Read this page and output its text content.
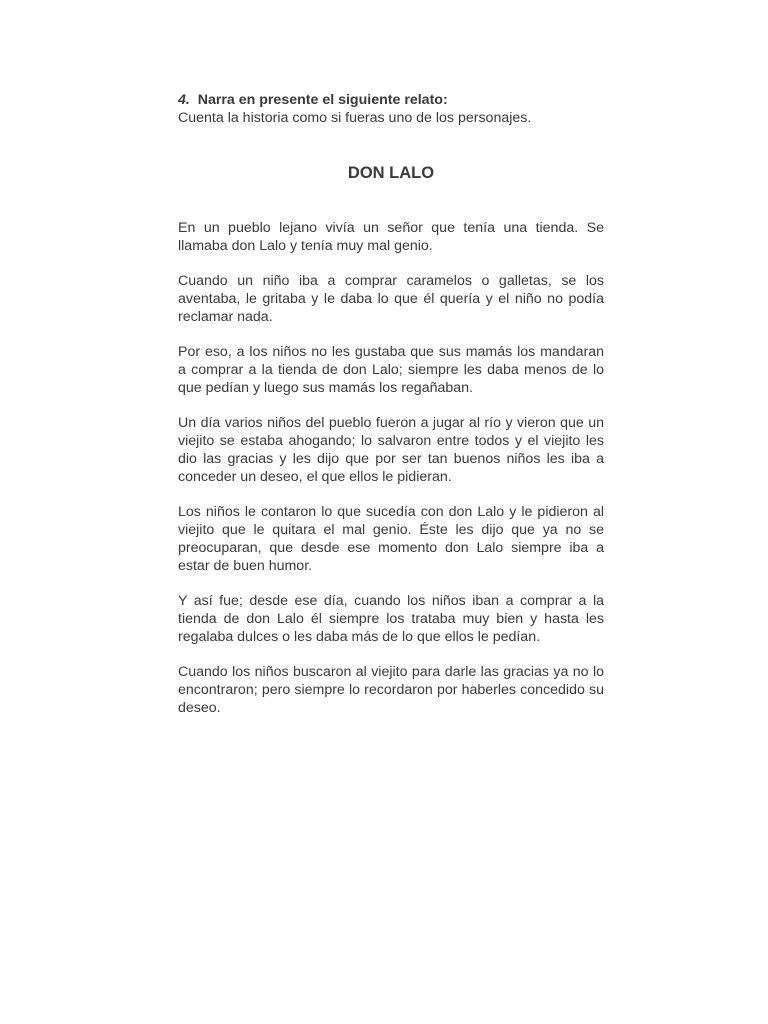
4. Narra en presente el siguiente relato:

Cuenta la historia como si fueras uno de los personajes.

DON LALO

En un pueblo lejano vivía un señor que tenía una tienda. Se llamaba don Lalo y tenía muy mal genio.

Cuando un niño iba a comprar caramelos o galletas, se los aventaba, le gritaba y le daba lo que él quería y el niño no podía reclamar nada.

Por eso, a los niños no les gustaba que sus mamás los mandaran a comprar a la tienda de don Lalo; siempre les daba menos de lo que pedían y luego sus mamás los regañaban.

Un día varios niños del pueblo fueron a jugar al río y vieron que un viejito se estaba ahogando; lo salvaron entre todos y el viejito les dio las gracias y les dijo que por ser tan buenos niños les iba a conceder un deseo, el que ellos le pidieran.

Los niños le contaron lo que sucedía con don Lalo y le pidieron al viejito que le quitara el mal genio. Éste les dijo que ya no se preocuparan, que desde ese momento don Lalo siempre iba a estar de buen humor.

Y así fue; desde ese día, cuando los niños iban a comprar a la tienda de don Lalo él siempre los trataba muy bien y hasta les regalaba dulces o les daba más de lo que ellos le pedían.

Cuando los niños buscaron al viejito para darle las gracias ya no lo encontraron; pero siempre lo recordaron por haberles concedido su deseo.
